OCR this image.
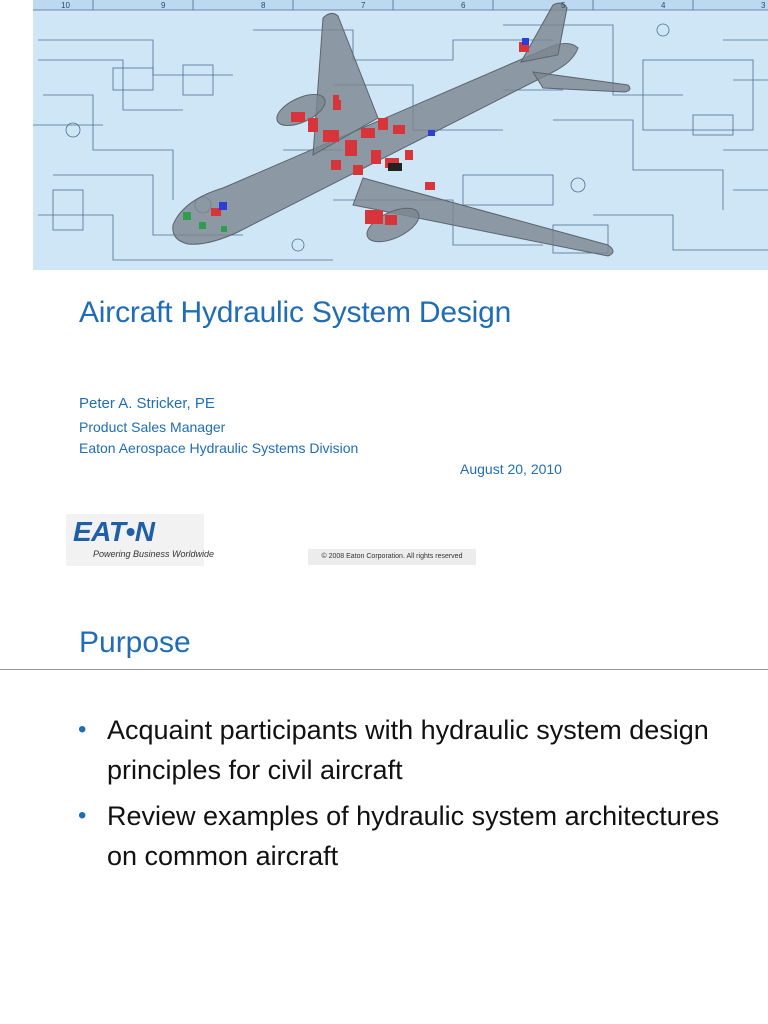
10	9	8	7	6	5	4	3
Aircraft Hydraulic System Design
Peter A. Stricker, PE
Product Sales Manager
Eaton Aerospace Hydraulic Systems Division
August 20, 2010
EAT•N
Powering Business Worldwide	© 2008 Eaton Corporation. All rights reserved
Purpose
• Acquaint participants with hydraulic system design principles for civil aircraft
• Review examples of hydraulic system architectures on common aircraft
